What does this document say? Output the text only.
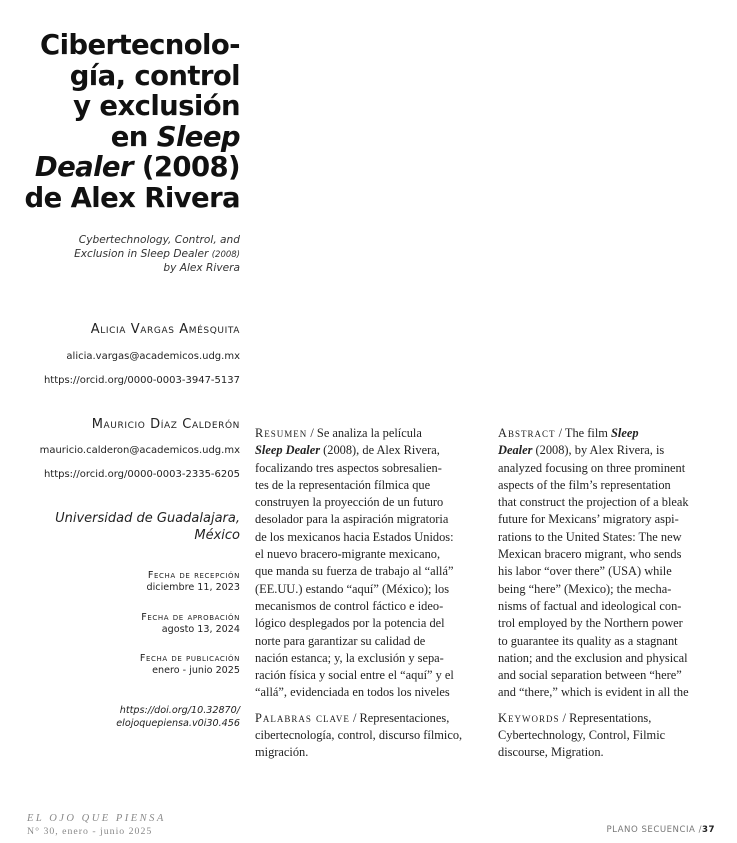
Cibertecnolo-
gía, control
y exclusión
en Sleep
Dealer (2008)
de Alex Rivera
Cybertechnology, Control, and
Exclusion in Sleep Dealer (2008)
by Alex Rivera
Alicia Vargas Amésquita
alicia.vargas@academicos.udg.mx
https://orcid.org/0000-0003-3947-5137
Mauricio Díaz Calderón
mauricio.calderon@academicos.udg.mx
https://orcid.org/0000-0003-2335-6205
Universidad de Guadalajara,
México
Fecha de recepción
diciembre 11, 2023
Fecha de aprobación
agosto 13, 2024
Fecha de publicación
enero - junio 2025
https://doi.org/10.32870/
elojoquepiensa.v0i30.456
Resumen / Se analiza la película
Sleep Dealer (2008), de Alex Rivera,
focalizando tres aspectos sobresalien-
tes de la representación fílmica que
construyen la proyección de un futuro
desolador para la aspiración migratoria
de los mexicanos hacia Estados Unidos:
el nuevo bracero-migrante mexicano,
que manda su fuerza de trabajo al “allá”
(EE.UU.) estando “aquí” (México); los
mecanismos de control fáctico e ideo-
lógico desplegados por la potencia del
norte para garantizar su calidad de
nación estanca; y, la exclusión y sepa-
ración física y social entre el “aquí” y el
“allá”, evidenciada en todos los niveles
Palabras clave / Representaciones,
cibertecnología, control, discurso fílmico,
migración.
Abstract / The film Sleep
Dealer (2008), by Alex Rivera, is
analyzed focusing on three prominent
aspects of the film’s representation
that construct the projection of a bleak
future for Mexicans’ migratory aspi-
rations to the United States: The new
Mexican bracero migrant, who sends
his labor “over there” (USA) while
being “here” (Mexico); the mecha-
nisms of factual and ideological con-
trol employed by the Northern power
to guarantee its quality as a stagnant
nation; and the exclusion and physical
and social separation between “here”
and “there,” which is evident in all the
Keywords / Representations,
Cybertechnology, Control, Filmic
discourse, Migration.
EL OJO QUE PIENSA
N° 30, enero - junio 2025	PLANO SECUENCIA /37
